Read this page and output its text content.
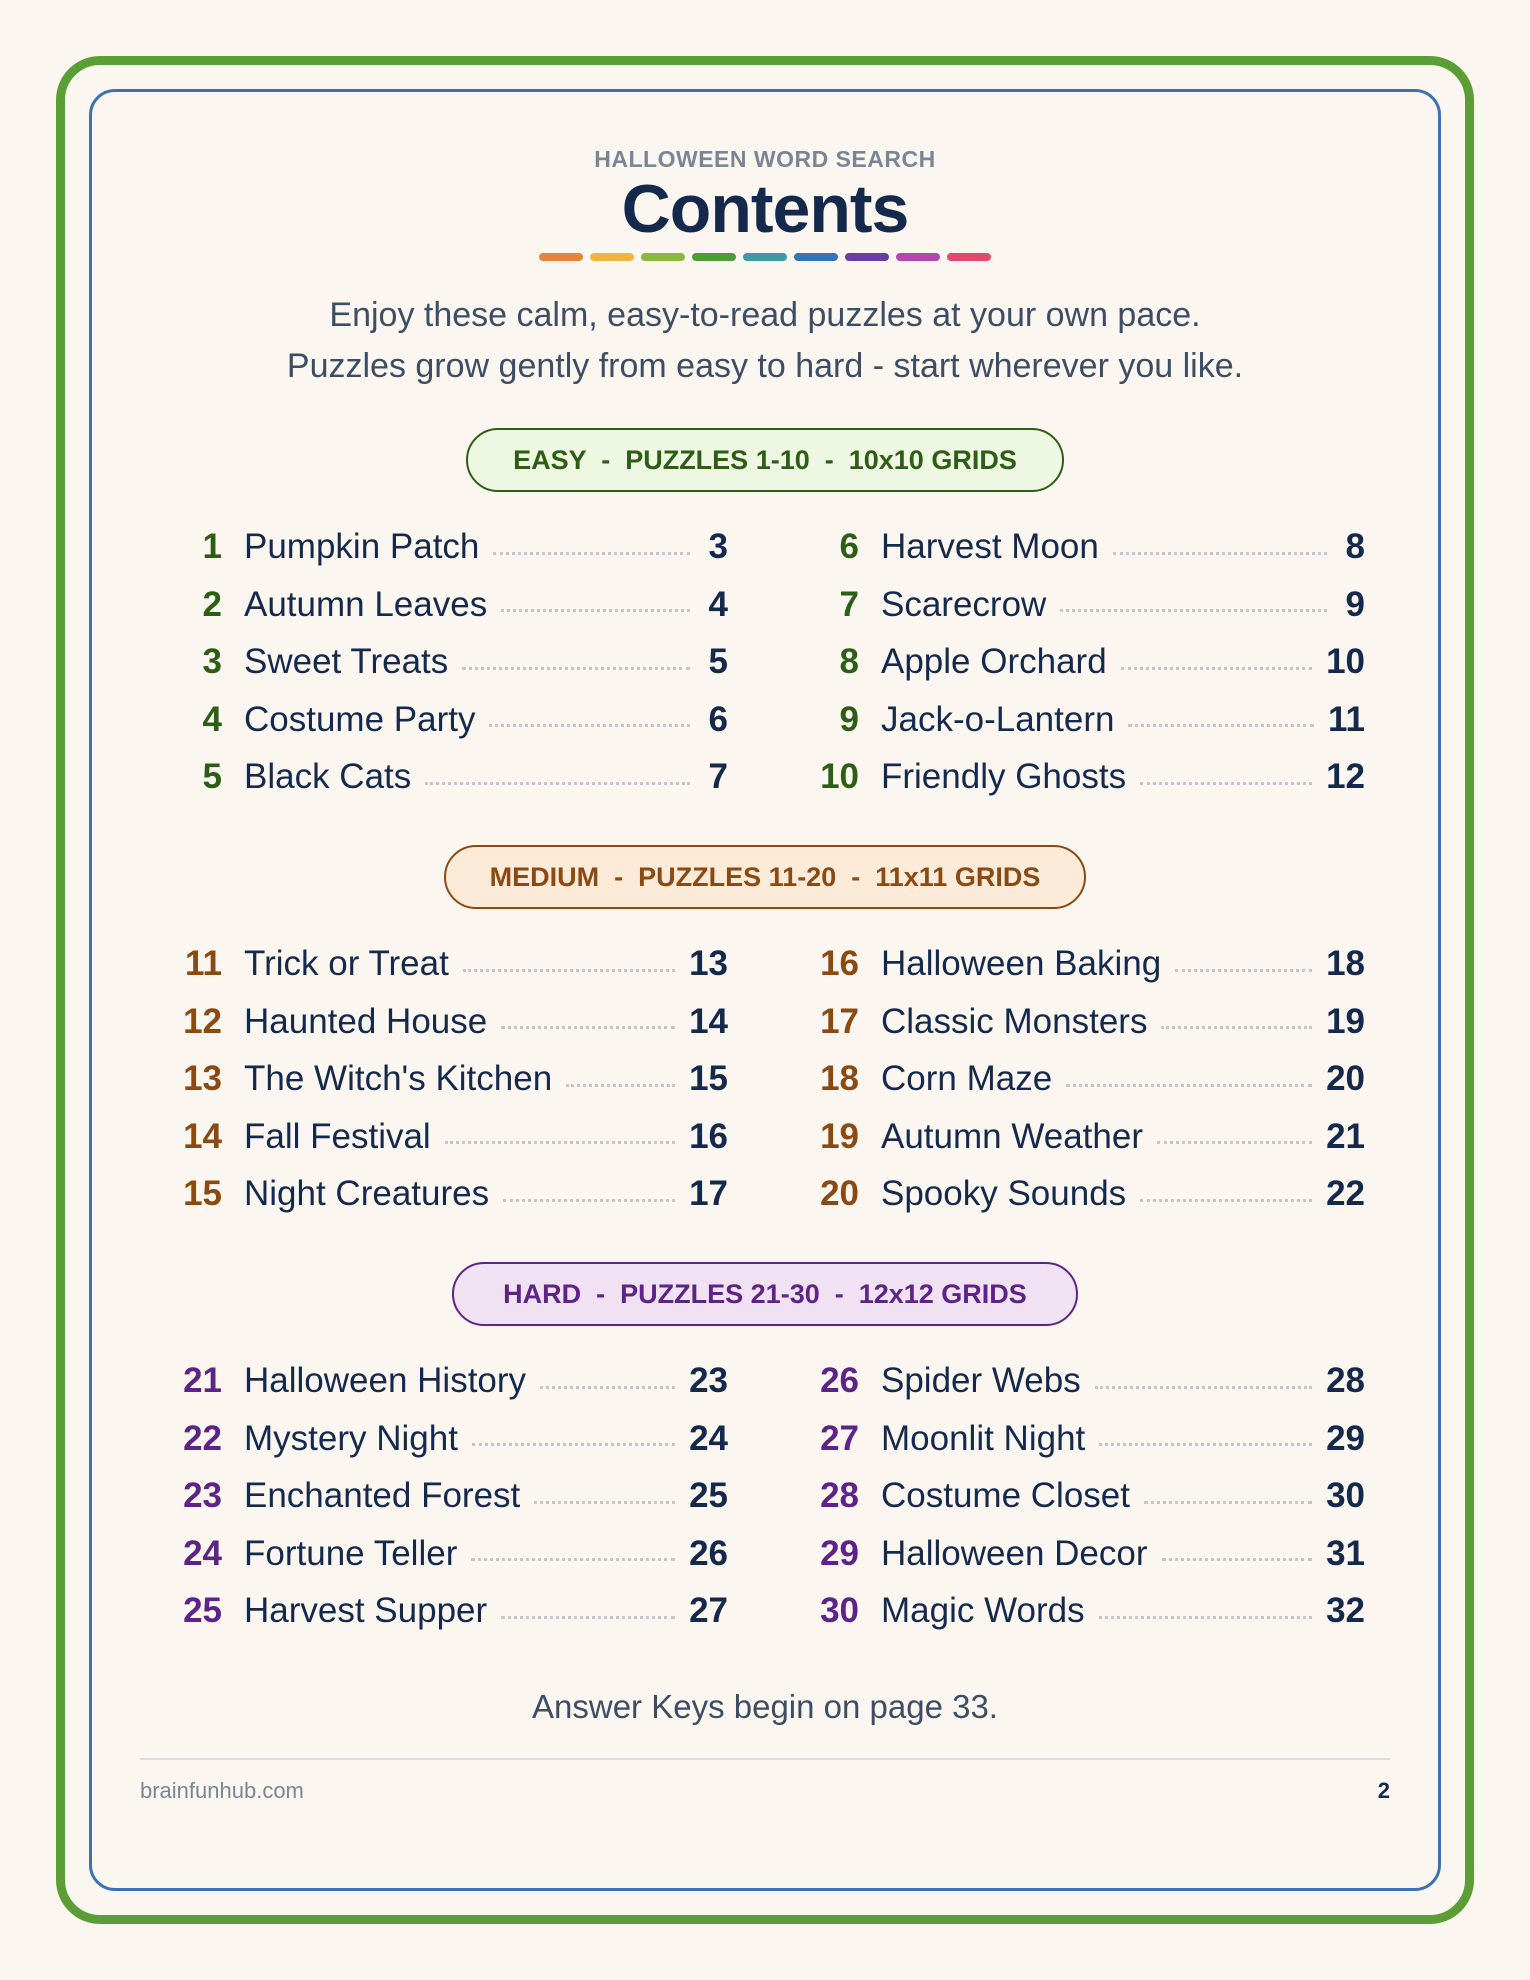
HALLOWEEN WORD SEARCH
Contents
Enjoy these calm, easy-to-read puzzles at your own pace.
Puzzles grow gently from easy to hard - start wherever you like.
EASY  -  PUZZLES 1-10  -  10x10 GRIDS
1 Pumpkin Patch	3
2 Autumn Leaves	4
3 Sweet Treats	5
4 Costume Party	6
5 Black Cats	7
6 Harvest Moon	8
7 Scarecrow	9
8 Apple Orchard	10
9 Jack-o-Lantern	11
10 Friendly Ghosts	12
MEDIUM  -  PUZZLES 11-20  -  11x11 GRIDS
11 Trick or Treat	13
12 Haunted House	14
13 The Witch's Kitchen	15
14 Fall Festival	16
15 Night Creatures	17
16 Halloween Baking	18
17 Classic Monsters	19
18 Corn Maze	20
19 Autumn Weather	21
20 Spooky Sounds	22
HARD  -  PUZZLES 21-30  -  12x12 GRIDS
21 Halloween History	23
22 Mystery Night	24
23 Enchanted Forest	25
24 Fortune Teller	26
25 Harvest Supper	27
26 Spider Webs	28
27 Moonlit Night	29
28 Costume Closet	30
29 Halloween Decor	31
30 Magic Words	32
Answer Keys begin on page 33.
brainfunhub.com	2
